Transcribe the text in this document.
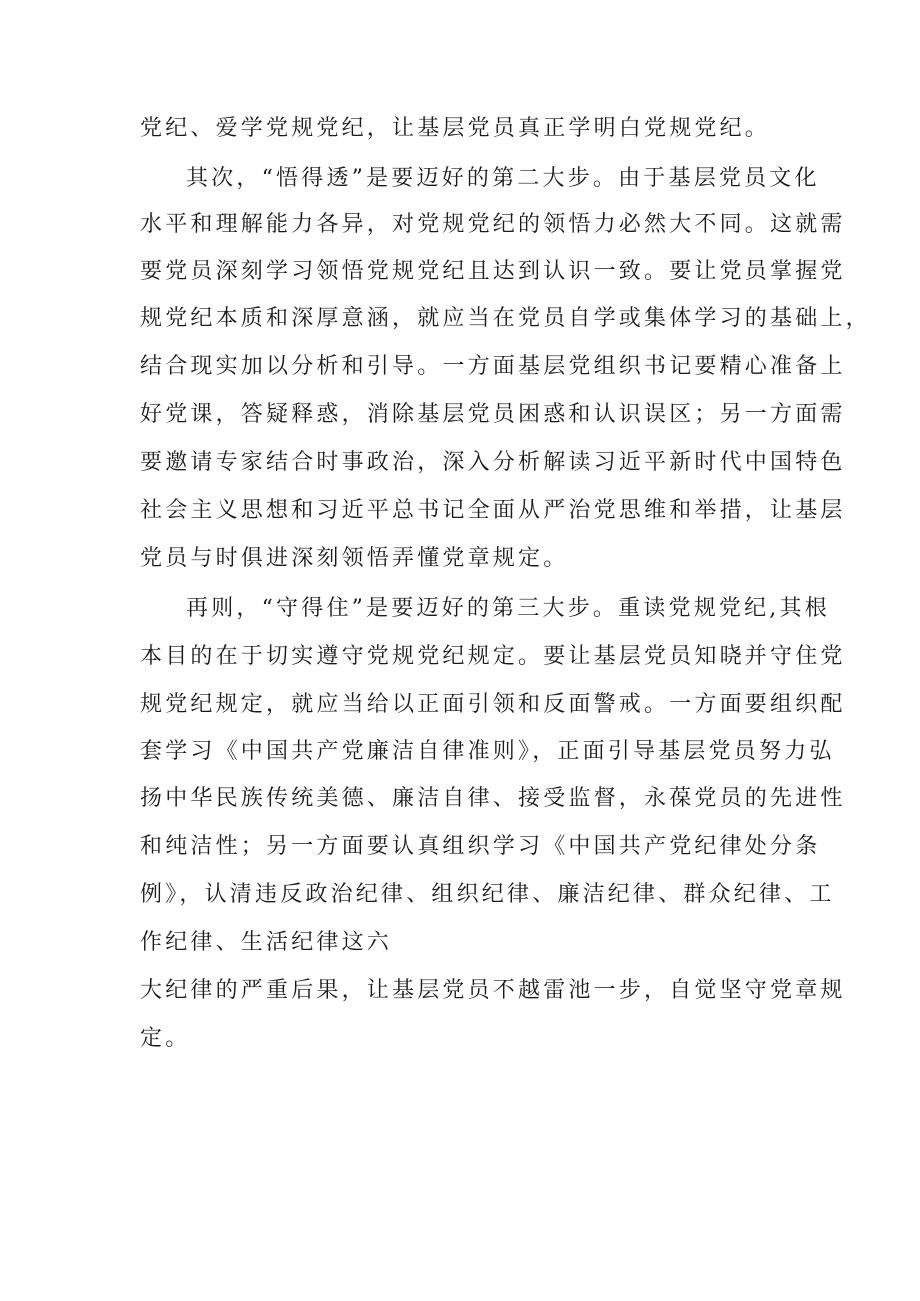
党纪、爱学党规党纪，让基层党员真正学明白党规党纪。
其次，“悟得透”是要迈好的第二大步。由于基层党员文化
水平和理解能力各异，对党规党纪的领悟力必然大不同。这就需
要党员深刻学习领悟党规党纪且达到认识一致。要让党员掌握党
规党纪本质和深厚意涵，就应当在党员自学或集体学习的基础上，
结合现实加以分析和引导。一方面基层党组织书记要精心准备上
好党课，答疑释惑，消除基层党员困惑和认识误区；另一方面需
要邀请专家结合时事政治，深入分析解读习近平新时代中国特色
社会主义思想和习近平总书记全面从严治党思维和举措，让基层
党员与时俱进深刻领悟弄懂党章规定。
再则，“守得住”是要迈好的第三大步。重读党规党纪,其根
本目的在于切实遵守党规党纪规定。要让基层党员知晓并守住党
规党纪规定，就应当给以正面引领和反面警戒。一方面要组织配
套学习《中国共产党廉洁自律准则》，正面引导基层党员努力弘
扬中华民族传统美德、廉洁自律、接受监督，永葆党员的先进性
和纯洁性；另一方面要认真组织学习《中国共产党纪律处分条
例》，认清违反政治纪律、组织纪律、廉洁纪律、群众纪律、工
作纪律、生活纪律这六
大纪律的严重后果，让基层党员不越雷池一步，自觉坚守党章规
定。
